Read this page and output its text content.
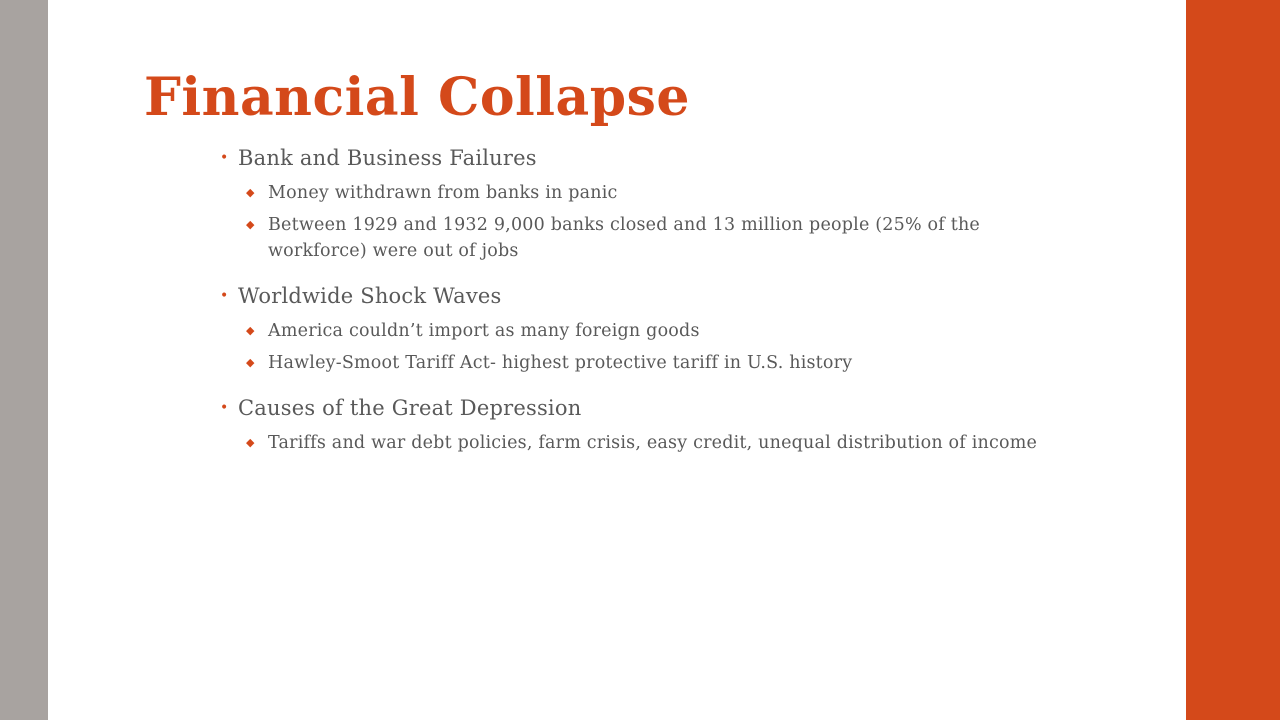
Financial Collapse
• Bank and Business Failures
◆ Money withdrawn from banks in panic
◆ Between 1929 and 1932 9,000 banks closed and 13 million people (25% of the workforce) were out of jobs
• Worldwide Shock Waves
◆ America couldn’t import as many foreign goods
◆ Hawley-Smoot Tariff Act- highest protective tariff in U.S. history
• Causes of the Great Depression
◆ Tariffs and war debt policies, farm crisis, easy credit, unequal distribution of income
